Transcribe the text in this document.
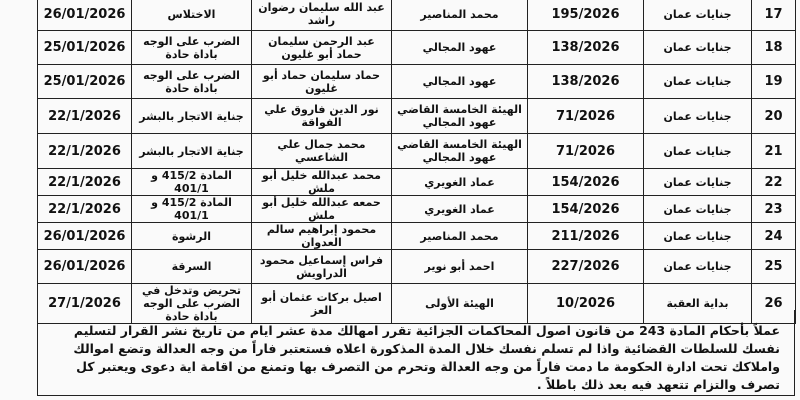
17	جنايات عمان	195/2026	محمد المناصير	عبد الله سليمان رضوان راشد	الاختلاس	26/01/2026
18	جنايات عمان	138/2026	عهود المجالي	عبد الرحمن سليمان حماد أبو غليون	الضرب على الوجه باداة حادة	25/01/2026
19	جنايات عمان	138/2026	عهود المجالي	حماد سليمان حماد أبو غليون	الضرب على الوجه باداة حادة	25/01/2026
20	جنايات عمان	71/2026	الهيئة الخامسة القاضي عهود المجالي	نور الدين فاروق علي الفواقة	جناية الاتجار بالبشر	22/1/2026
21	جنايات عمان	71/2026	الهيئة الخامسة القاضي عهود المجالي	محمد جمال علي الشاعسي	جناية الاتجار بالبشر	22/1/2026
22	جنايات عمان	154/2026	عماد الغويري	محمد عبدالله خليل أبو ملش	المادة 415/2 و 401/1	22/1/2026
23	جنايات عمان	154/2026	عماد الغويري	حمعه عبدالله خليل أبو ملش	المادة 415/2 و 401/1	22/1/2026
24	جنايات عمان	211/2026	محمد المناصير	محمود إبراهيم سالم العدوان	الرشوة	26/01/2026
25	جنايات عمان	227/2026	احمد أبو نوير	فراس إسماعيل محمود الدراويش	السرقة	26/01/2026
26	بداية العقبة	10/2026	الهيئة الأولى	اصيل بركات عثمان أبو العز	تحريض وتدخل في الضرب على الوجه باداة حادة	27/1/2026
عملاً بأحكام المادة 243 من قانون اصول المحاكمات الجزائية تقرر امهالك مدة عشر ايام من تاريخ نشر القرار لتسليم نفسك للسلطات القضائية واذا لم تسلم نفسك خلال المدة المذكورة اعلاه فستعتبر فاراً من وجه العدالة وتضع اموالك واملاكك تحت ادارة الحكومة ما دمت فاراً من وجه العدالة وتحرم من التصرف بها وتمنع من اقامة اية دعوى ويعتبر كل تصرف والتزام تتعهد فيه بعد ذلك باطلاً .
